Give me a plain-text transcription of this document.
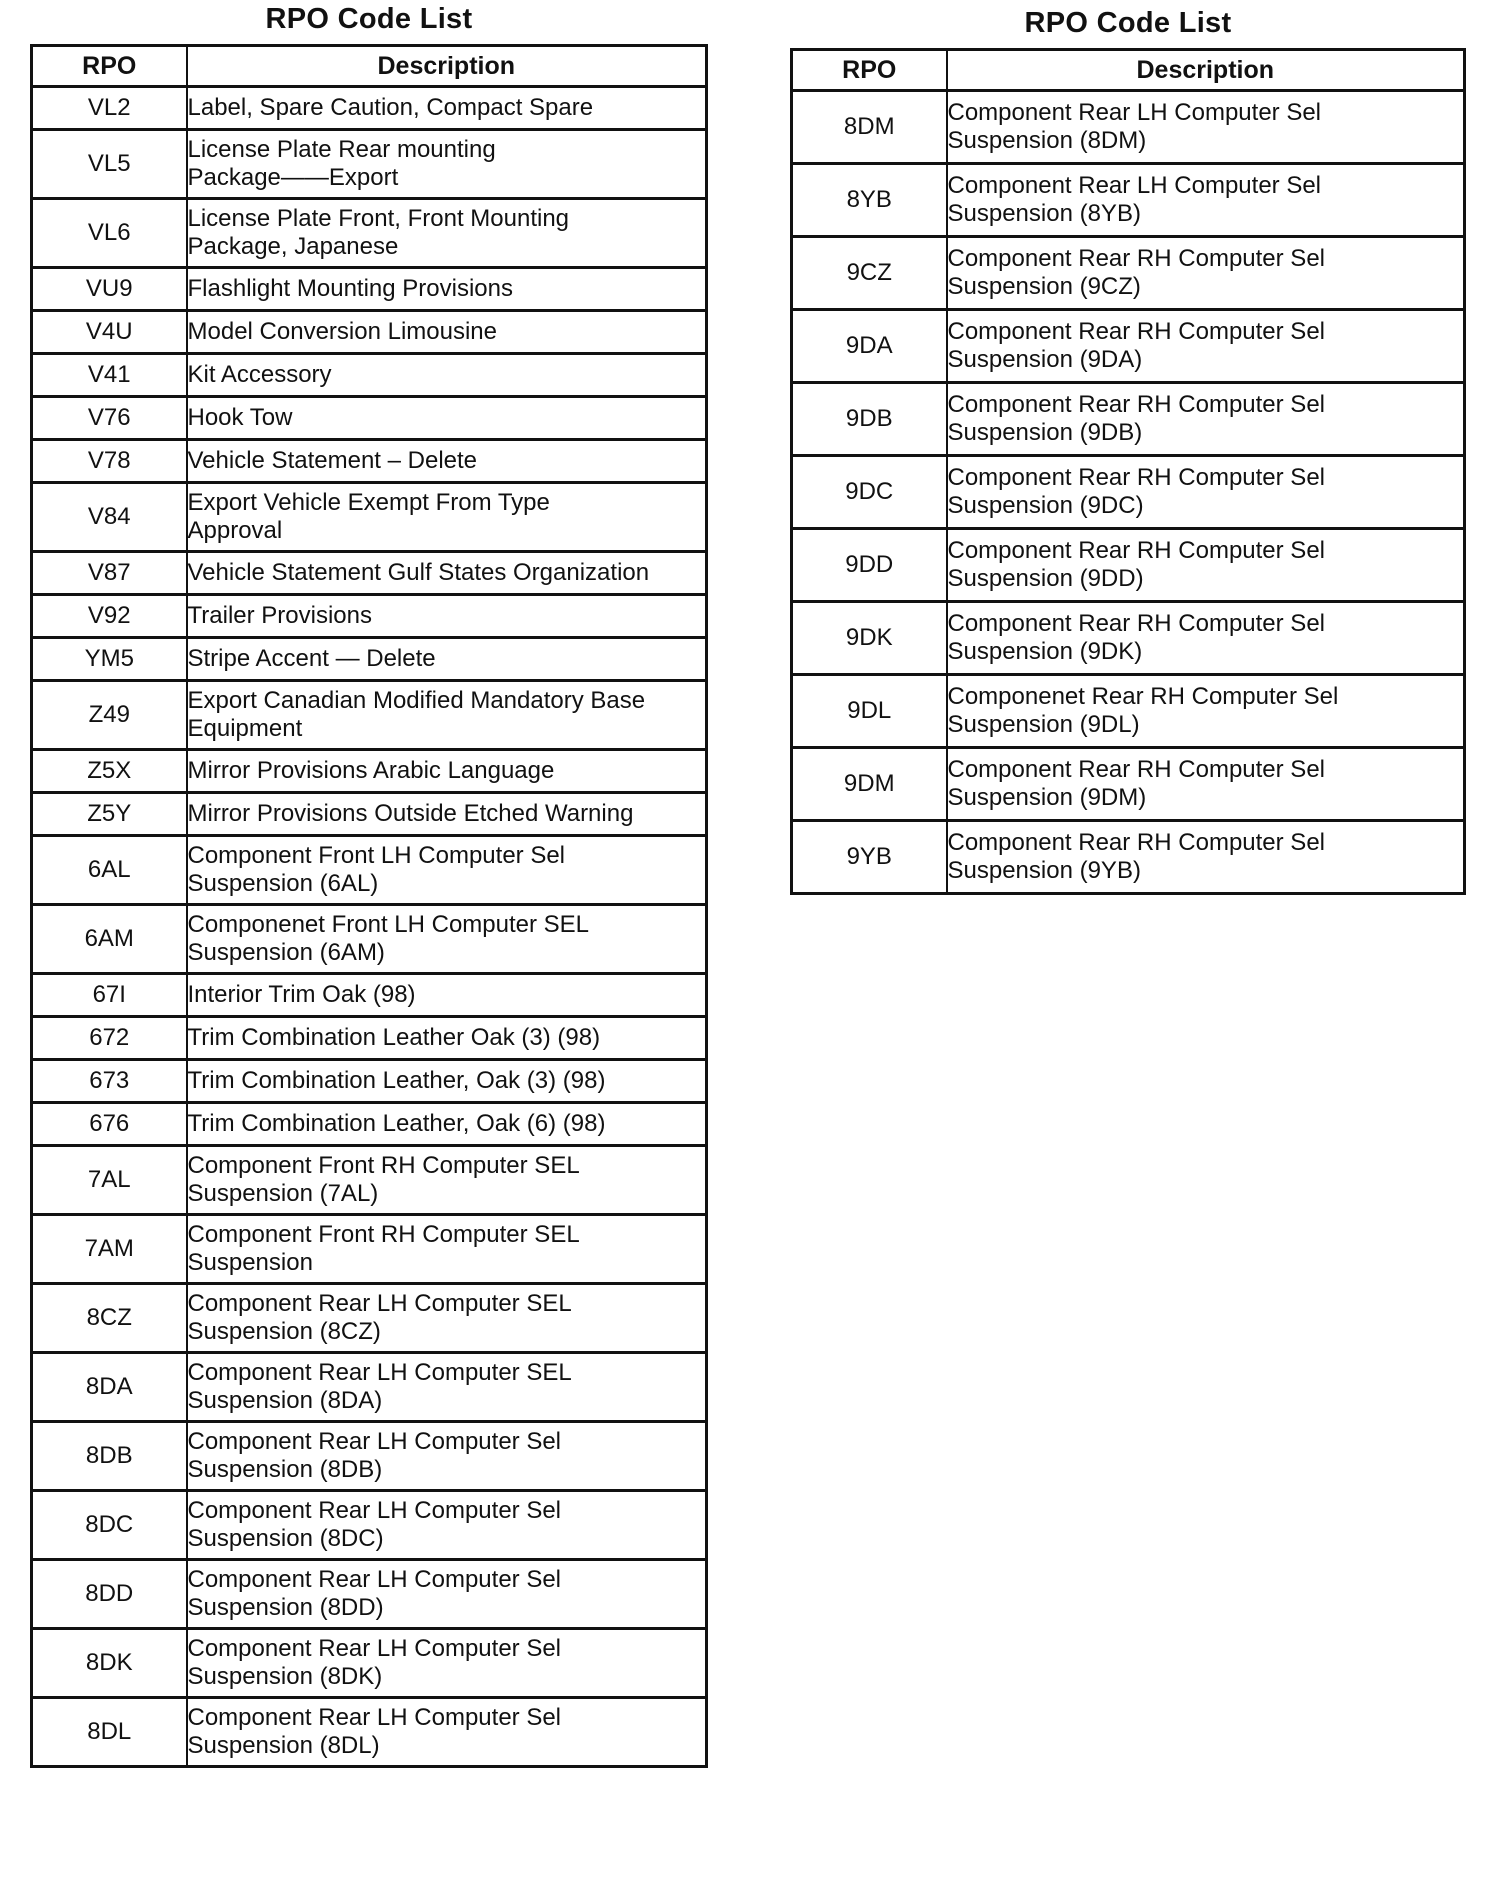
RPO Code List
RPO	Description
VL2	Label, Spare Caution, Compact Spare
VL5	License Plate Rear mounting
Package——Export
VL6	License Plate Front, Front Mounting
Package, Japanese
VU9	Flashlight Mounting Provisions
V4U	Model Conversion Limousine
V41	Kit Accessory
V76	Hook Tow
V78	Vehicle Statement – Delete
V84	Export Vehicle Exempt From Type
Approval
V87	Vehicle Statement Gulf States Organization
V92	Trailer Provisions
YM5	Stripe Accent — Delete
Z49	Export Canadian Modified Mandatory Base
Equipment
Z5X	Mirror Provisions Arabic Language
Z5Y	Mirror Provisions Outside Etched Warning
6AL	Component Front LH Computer Sel
Suspension (6AL)
6AM	Componenet Front LH Computer SEL
Suspension (6AM)
67I	Interior Trim Oak (98)
672	Trim Combination Leather Oak (3) (98)
673	Trim Combination Leather, Oak (3) (98)
676	Trim Combination Leather, Oak (6) (98)
7AL	Component Front RH Computer SEL
Suspension (7AL)
7AM	Component Front RH Computer SEL
Suspension
8CZ	Component Rear LH Computer SEL
Suspension (8CZ)
8DA	Component Rear LH Computer SEL
Suspension (8DA)
8DB	Component Rear LH Computer Sel
Suspension (8DB)
8DC	Component Rear LH Computer Sel
Suspension (8DC)
8DD	Component Rear LH Computer Sel
Suspension (8DD)
8DK	Component Rear LH Computer Sel
Suspension (8DK)
8DL	Component Rear LH Computer Sel
Suspension (8DL)
RPO Code List
RPO	Description
8DM	Component Rear LH Computer Sel
Suspension (8DM)
8YB	Component Rear LH Computer Sel
Suspension (8YB)
9CZ	Component Rear RH Computer Sel
Suspension (9CZ)
9DA	Component Rear RH Computer Sel
Suspension (9DA)
9DB	Component Rear RH Computer Sel
Suspension (9DB)
9DC	Component Rear RH Computer Sel
Suspension (9DC)
9DD	Component Rear RH Computer Sel
Suspension (9DD)
9DK	Component Rear RH Computer Sel
Suspension (9DK)
9DL	Componenet Rear RH Computer Sel
Suspension (9DL)
9DM	Component Rear RH Computer Sel
Suspension (9DM)
9YB	Component Rear RH Computer Sel
Suspension (9YB)
